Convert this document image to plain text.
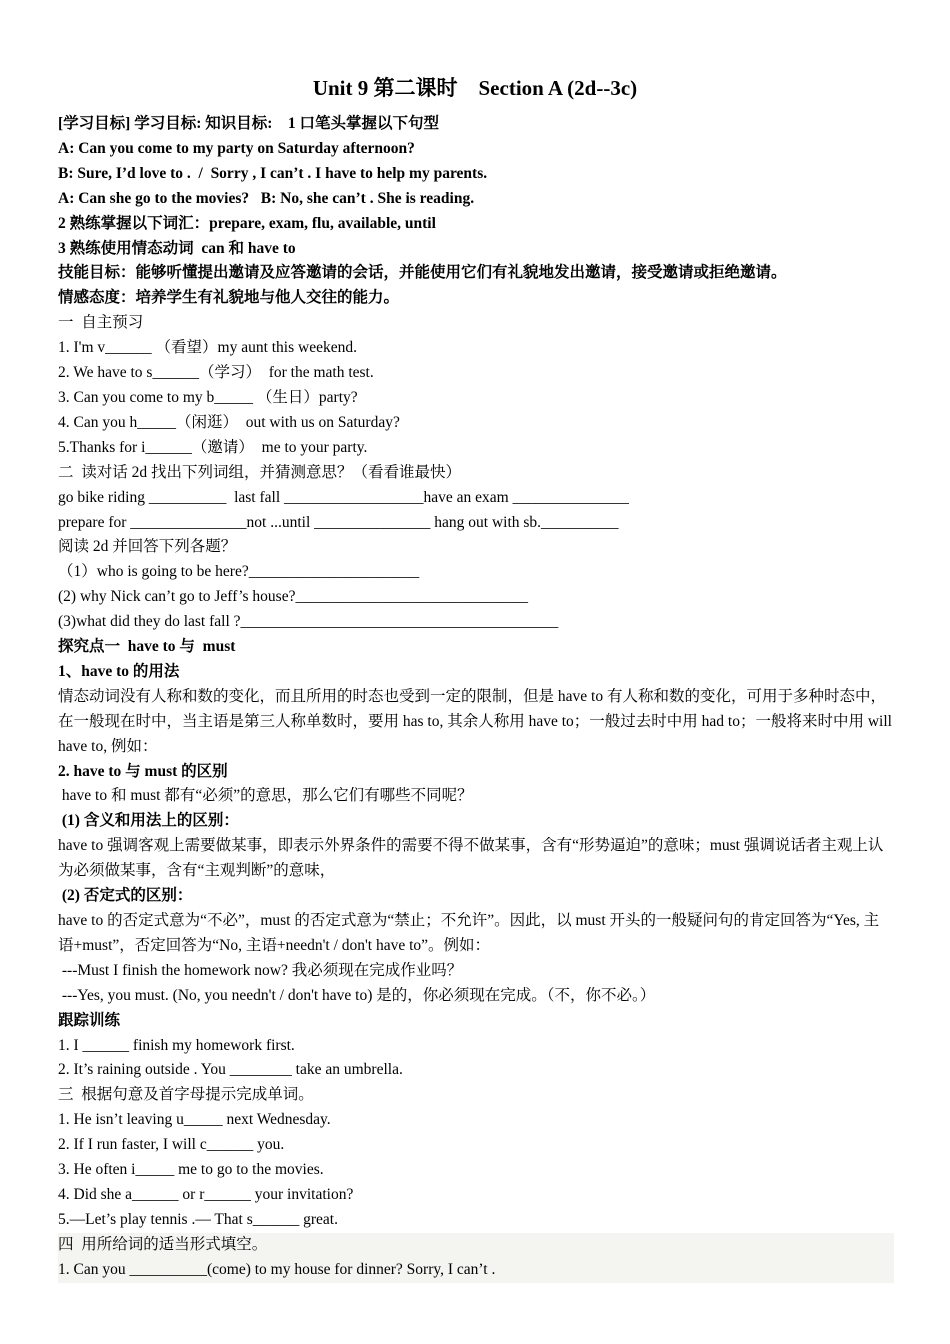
Unit 9 第二课时    Section A (2d--3c)
[学习目标] 学习目标: 知识目标:    1 口笔头掌握以下句型
A: Can you come to my party on Saturday afternoon?
B: Sure, I’d love to .  /  Sorry , I can’t . I have to help my parents.
A: Can she go to the movies?   B: No, she can’t . She is reading.
2 熟练掌握以下词汇：prepare, exam, flu, available, until
3 熟练使用情态动词  can 和 have to
技能目标：能够听懂提出邀请及应答邀请的会话，并能使用它们有礼貌地发出邀请，接受邀请或拒绝邀请。
情感态度：培养学生有礼貌地与他人交往的能力。
一  自主预习
1. I'm v______ （看望）my aunt this weekend.
2. We have to s______（学习）  for the math test.
3. Can you come to my b_____ （生日）party?
4. Can you h_____（闲逛）  out with us on Saturday?
5.Thanks for i______（邀请）  me to your party.
二  读对话 2d 找出下列词组，并猜测意思？（看看谁最快）
go bike riding __________  last fall __________________have an exam _______________
prepare for _______________not ...until _______________ hang out with sb.__________
阅读 2d 并回答下列各题？
（1）who is going to be here?______________________
(2) why Nick can’t go to Jeff’s house?______________________________
(3)what did they do last fall ?_________________________________________
探究点一  have to 与  must
1、have to 的用法
情态动词没有人称和数的变化，而且所用的时态也受到一定的限制，但是 have to 有人称和数的变化，可用于多种时态中，在一般现在时中，当主语是第三人称单数时，要用 has to, 其余人称用 have to；一般过去时中用 had to；一般将来时中用 will have to, 例如：
2. have to 与 must 的区别
have to 和 must 都有“必须”的意思，那么它们有哪些不同呢？
(1) 含义和用法上的区别：
have to 强调客观上需要做某事，即表示外界条件的需要不得不做某事，含有“形势逼迫”的意味；must 强调说话者主观上认为必须做某事，含有“主观判断”的意味，
(2) 否定式的区别：
have to 的否定式意为“不必”，must 的否定式意为“禁止；不允许”。因此，以 must 开头的一般疑问句的肯定回答为“Yes, 主语+must”，否定回答为“No, 主语+needn't / don't have to”。例如：
---Must I finish the homework now? 我必须现在完成作业吗？
---Yes, you must. (No, you needn't / don't have to) 是的，你必须现在完成。（不，你不必。）
跟踪训练
1. I ______ finish my homework first.
2. It’s raining outside . You ________ take an umbrella.
三  根据句意及首字母提示完成单词。
1. He isn’t leaving u_____ next Wednesday.
2. If I run faster, I will c______ you.
3. He often i_____ me to go to the movies.
4. Did she a______ or r______ your invitation?
5.—Let’s play tennis .— That s______ great.
四  用所给词的适当形式填空。
1. Can you __________(come) to my house for dinner? Sorry, I can’t .
